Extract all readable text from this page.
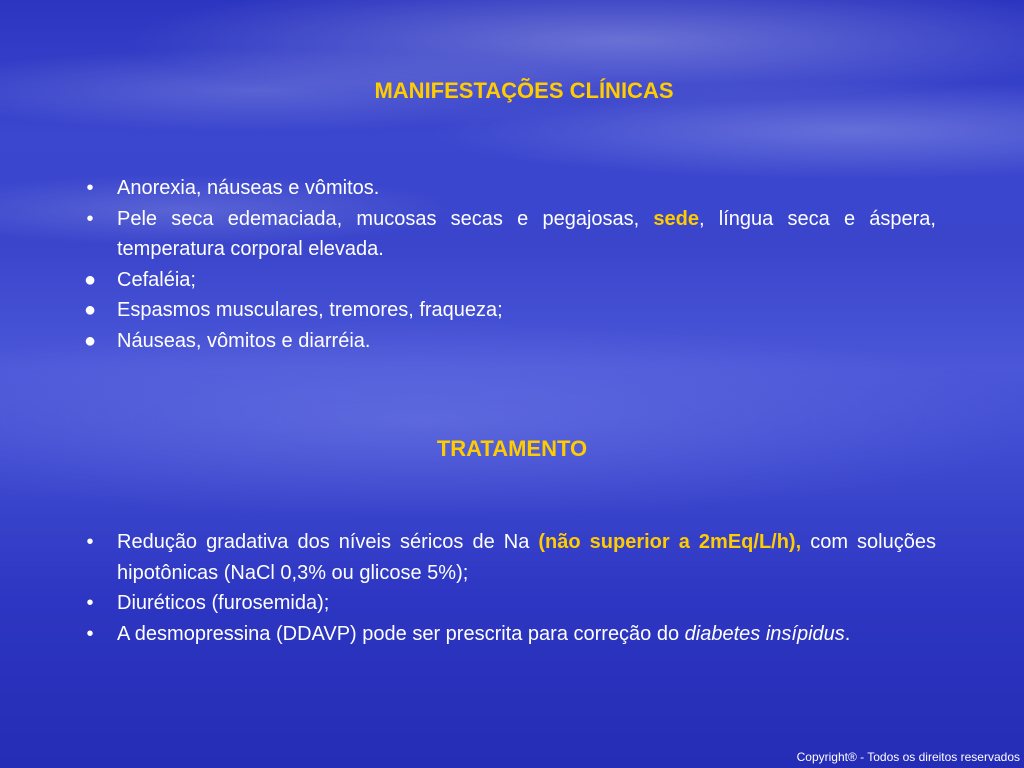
MANIFESTAÇÕES CLÍNICAS
•	Anorexia, náuseas e vômitos.
•	Pele seca edemaciada, mucosas secas e pegajosas, sede, língua seca e áspera, temperatura corporal elevada.
● Cefaléia;
● Espasmos musculares, tremores, fraqueza;
● Náuseas, vômitos e diarréia.
TRATAMENTO
•	Redução gradativa dos níveis séricos de Na (não superior a 2mEq/L/h), com soluções hipotônicas (NaCl 0,3% ou glicose 5%);
•	Diuréticos (furosemida);
•	A desmopressina (DDAVP) pode ser prescrita para correção do diabetes insípidus.
Copyright® - Todos os direitos reservados
